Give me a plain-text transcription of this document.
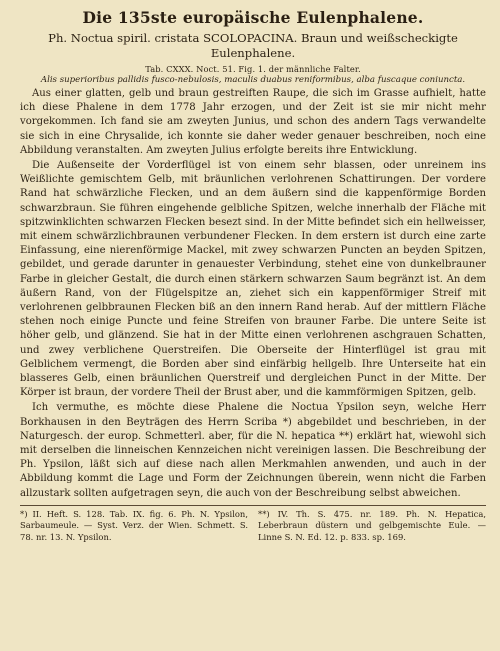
Die 135ste europäische Eulenphalene.
Ph. Noctua spiril. cristata SCOLOPACINA. Braun und weißscheckigte Eulenphalene.
Tab. CXXX. Noct. 51. Fig. 1. der männliche Falter.
Alis superioribus pallidis fusco-nebulosis, maculis duabus reniformibus, alba fuscaque coniuncta.

Aus einer glatten, gelb und braun gestreiften Raupe, die sich im Grasse aufhielt, hatte ich diese Phalene in dem 1778 Jahr erzogen, und der Zeit ist sie mir nicht mehr vorgekommen. Ich fand sie am zweyten Junius, und schon des andern Tags verwandelte sie sich in eine Chrysalide, ich konnte sie daher weder genauer beschreiben, noch eine Abbildung veranstalten. Am zweyten Julius erfolgte bereits ihre Entwicklung.

Die Außenseite der Vorderflügel ist von einem sehr blassen, oder unreinem ins Weißlichte gemischtem Gelb, mit bräunlichen verlohrenen Schattirungen. Der vordere Rand hat schwärzliche Flecken, und an dem äußern sind die kappenförmige Borden schwarzbraun. Sie führen eingehende gelbliche Spitzen, welche innerhalb der Fläche mit spitzwinklichten schwarzen Flecken besezt sind. In der Mitte befindet sich ein hellweisser, mit einem schwärzlichbraunen verbundener Flecken. In dem erstern ist durch eine zarte Einfassung, eine nierenförmige Mackel, mit zwey schwarzen Puncten an beyden Spitzen, gebildet, und gerade darunter in genauester Verbindung, stehet eine von dunkelbrauner Farbe in gleicher Gestalt, die durch einen stärkern schwarzen Saum begränzt ist. An dem äußern Rand, von der Flügelspitze an, ziehet sich ein kappenförmiger Streif mit verlohrenen gelbbraunen Flecken biß an den innern Rand herab. Auf der mittlern Fläche stehen noch einige Puncte und feine Streifen von brauner Farbe. Die untere Seite ist höher gelb, und glänzend. Sie hat in der Mitte einen verlohrenen aschgrauen Schatten, und zwey verblichene Querstreifen. Die Oberseite der Hinterflügel ist grau mit Gelblichem vermengt, die Borden aber sind einfärbig hellgelb. Ihre Unterseite hat ein blasseres Gelb, einen bräunlichen Querstreif und dergleichen Punct in der Mitte. Der Körper ist braun, der vordere Theil der Brust aber, und die kammförmigen Spitzen, gelb.

Ich vermuthe, es möchte diese Phalene die Noctua Ypsilon seyn, welche Herr Borkhausen in den Beyträgen des Herrn Scriba *) abgebildet und beschrieben, in der Naturgesch. der europ. Schmetterl. aber, für die N. hepatica **) erklärt hat, wiewohl sich mit derselben die linneischen Kennzeichen nicht vereinigen lassen. Die Beschreibung der Ph. Ypsilon, läßt sich auf diese nach allen Merkmahlen anwenden, und auch in der Abbildung kommt die Lage und Form der Zeichnungen überein, wenn nicht die Farben allzustark sollten aufgetragen seyn, die auch von der Beschreibung selbst abweichen.

*) II. Heft. S. 128. Tab. IX. fig. 6. Ph. N. Ypsilon, Sarbaumeule. — Syst. Verz. der Wien. Schmett. S. 78. nr. 13. N. Ypsilon.
**) IV. Th. S. 475. nr. 189. Ph. N. Hepatica, Leberbraun düstern und gelbgemischte Eule. — Linne S. N. Ed. 12. p. 833. sp. 169.
